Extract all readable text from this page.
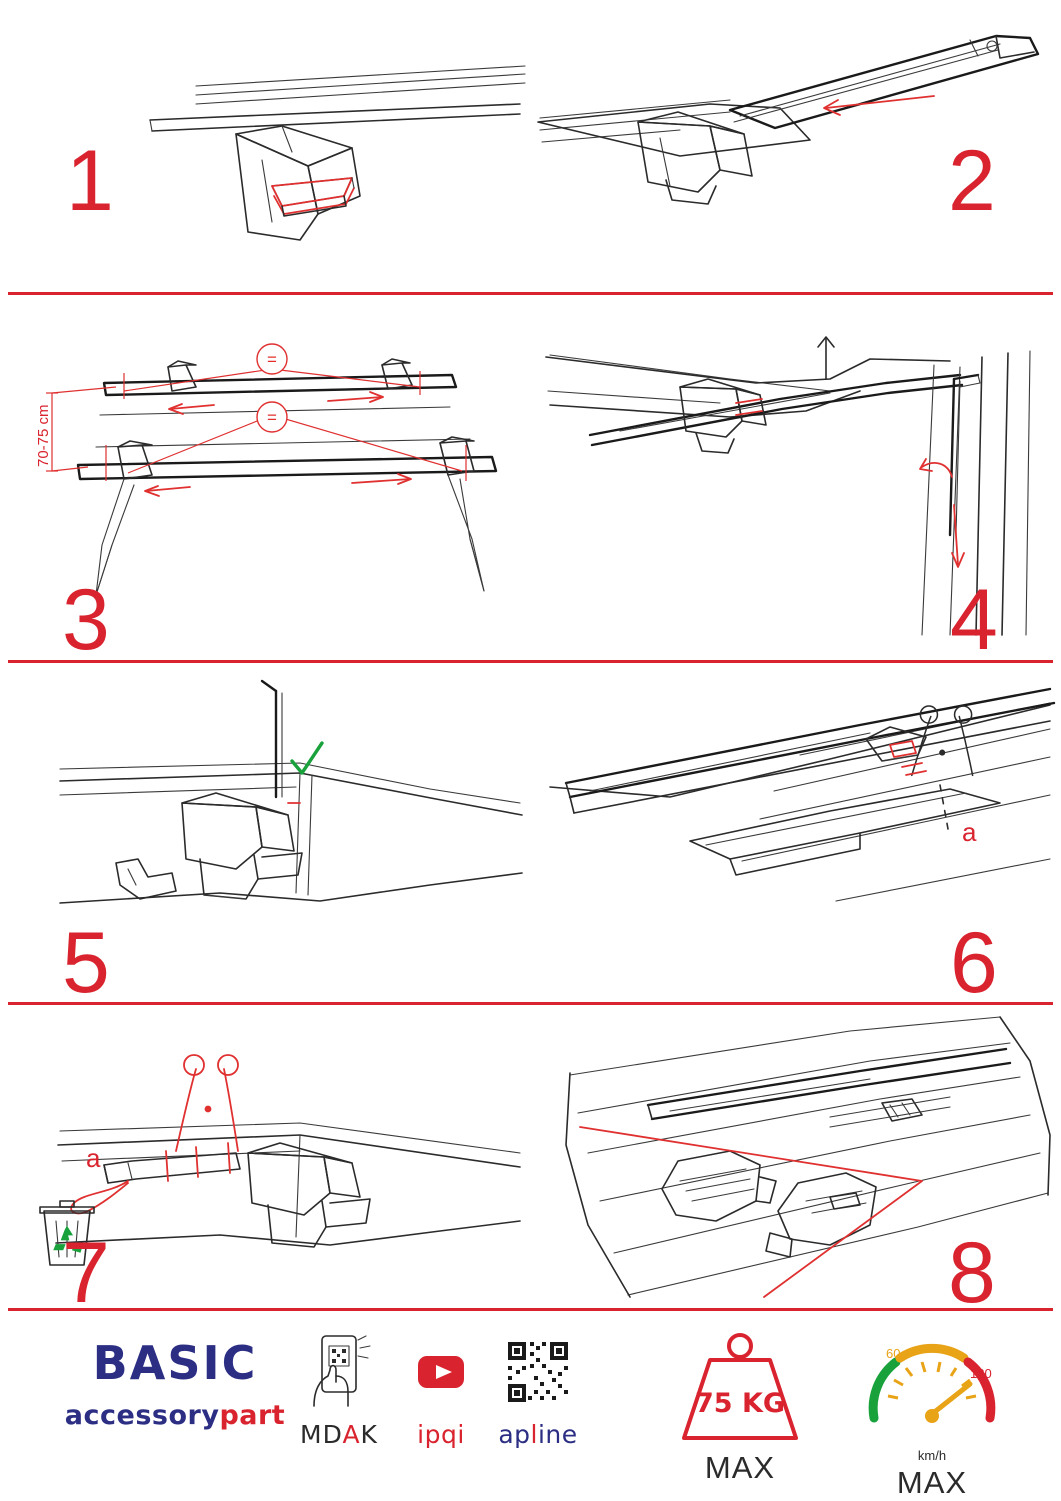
1	2
=
=
70-75 cm
3	4
5
a
6
a
7	8
BASIC
accessorypart
MDAK	ipqi	apline
75 KG
MAX
60
120
km/h
MAX
